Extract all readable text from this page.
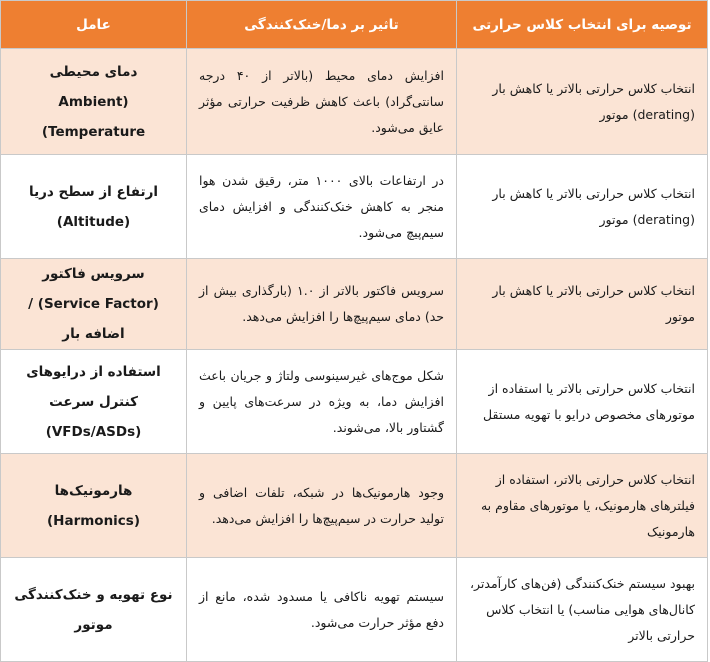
توصیه برای انتخاب کلاس حرارتی	تاثیر بر دما/خنک‌کنندگی	عامل
انتخاب کلاس حرارتی بالاتر یا کاهش بار (derating) موتور	افزایش دمای محیط (بالاتر از ۴۰ درجه سانتی‌گراد) باعث کاهش ظرفیت حرارتی مؤثر عایق می‌شود.	دمای محیطی (Ambient Temperature)
انتخاب کلاس حرارتی بالاتر یا کاهش بار (derating) موتور	در ارتفاعات بالای ۱۰۰۰ متر، رقیق شدن هوا منجر به کاهش خنک‌کنندگی و افزایش دمای سیم‌پیچ می‌شود.	ارتفاع از سطح دریا (Altitude)
انتخاب کلاس حرارتی بالاتر یا کاهش بار موتور	سرویس فاکتور بالاتر از ۱.۰ (بارگذاری بیش از حد) دمای سیم‌پیچ‌ها را افزایش می‌دهد.	سرویس فاکتور (Service Factor) / اضافه بار
انتخاب کلاس حرارتی بالاتر یا استفاده از موتورهای مخصوص درایو با تهویه مستقل	شکل موج‌های غیرسینوسی ولتاژ و جریان باعث افزایش دما، به ویژه در سرعت‌های پایین و گشتاور بالا، می‌شوند.	استفاده از درایوهای کنترل سرعت (VFDs/ASDs)
انتخاب کلاس حرارتی بالاتر، استفاده از فیلترهای هارمونیک، یا موتورهای مقاوم به هارمونیک	وجود هارمونیک‌ها در شبکه، تلفات اضافی و تولید حرارت در سیم‌پیچ‌ها را افزایش می‌دهد.	هارمونیک‌ها (Harmonics)
بهبود سیستم خنک‌کنندگی (فن‌های کارآمدتر، کانال‌های هوایی مناسب) یا انتخاب کلاس حرارتی بالاتر	سیستم تهویه ناکافی یا مسدود شده، مانع از دفع مؤثر حرارت می‌شود.	نوع تهویه و خنک‌کنندگی موتور
